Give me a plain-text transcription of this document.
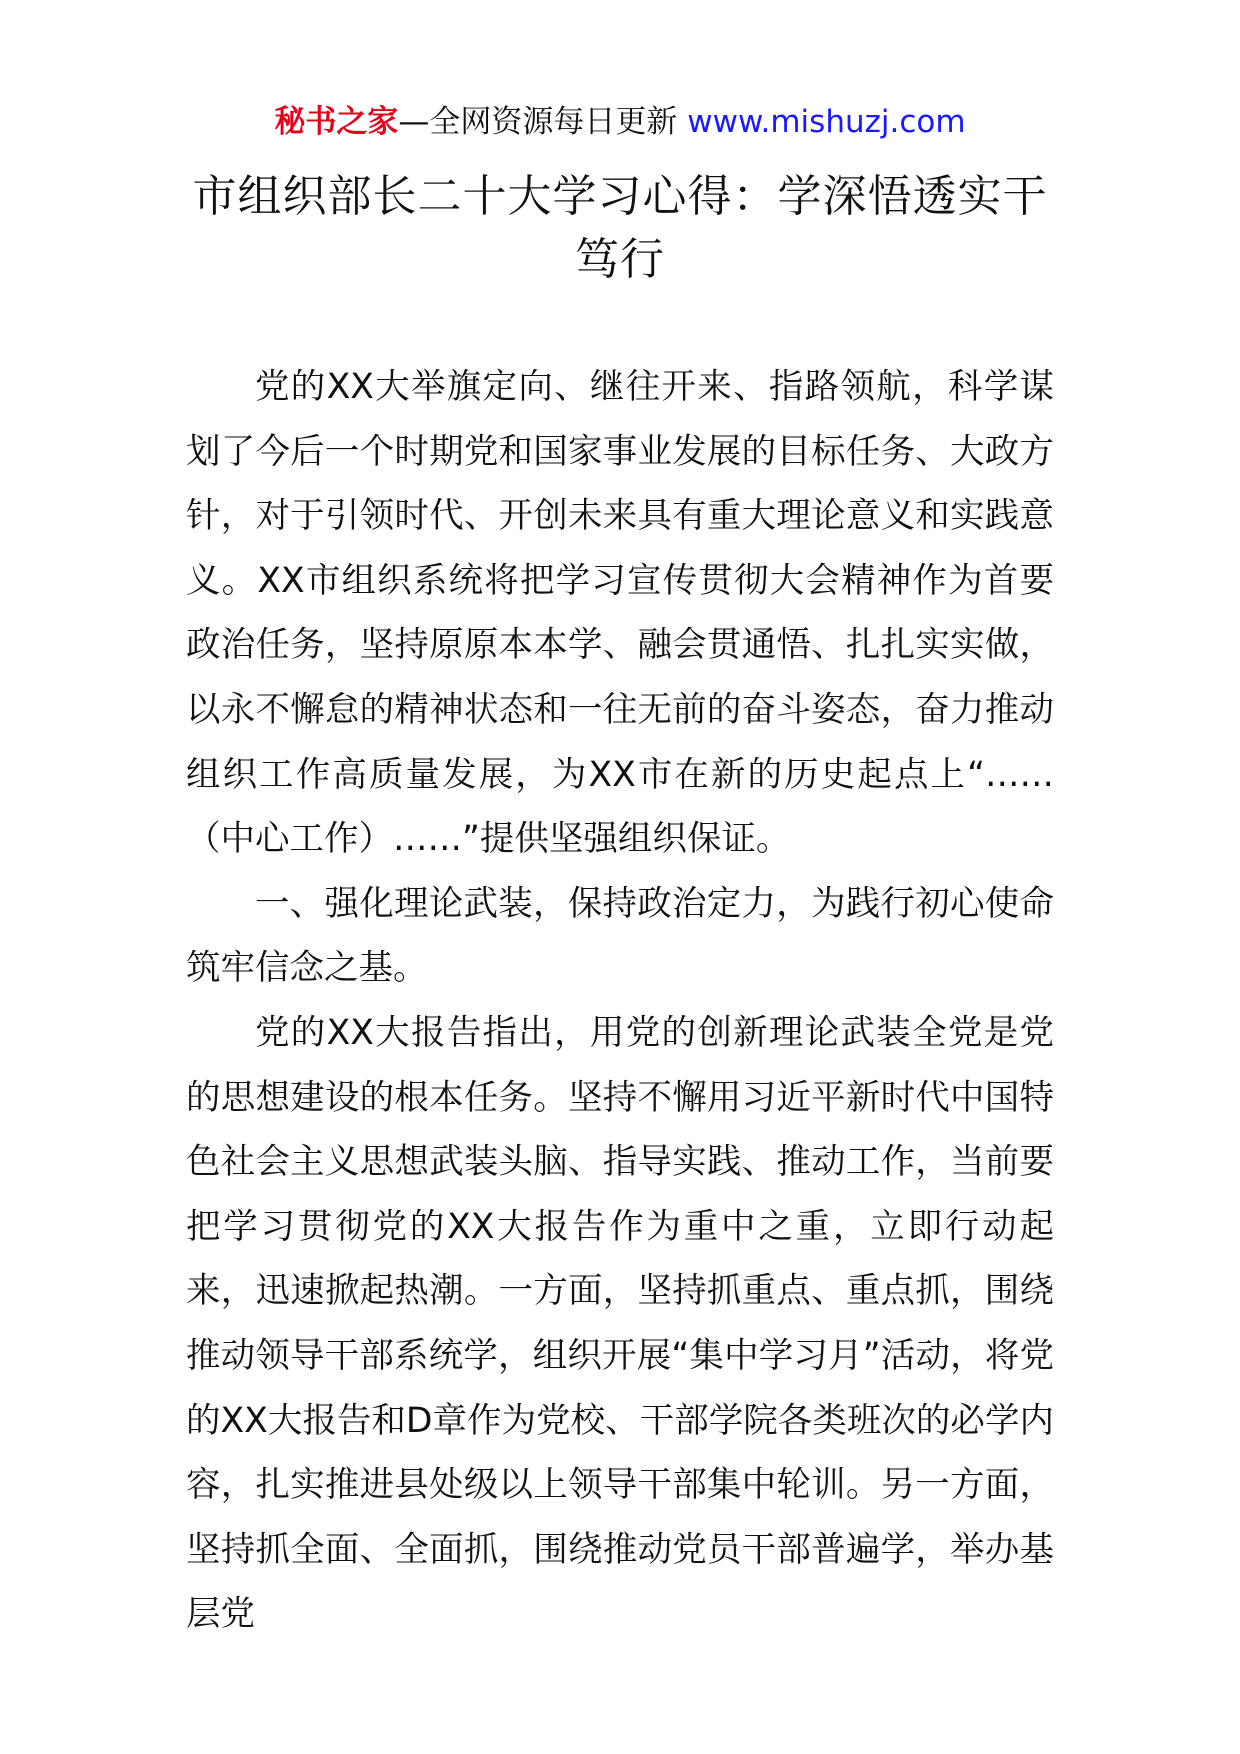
秘书之家—全网资源每日更新 www.mishuzj.com
市组织部长二十大学习心得：学深悟透实干笃行

党的XX大举旗定向、继往开来、指路领航，科学谋划了今后一个时期党和国家事业发展的目标任务、大政方针，对于引领时代、开创未来具有重大理论意义和实践意义。XX市组织系统将把学习宣传贯彻大会精神作为首要政治任务，坚持原原本本学、融会贯通悟、扎扎实实做，以永不懈怠的精神状态和一往无前的奋斗姿态，奋力推动组织工作高质量发展，为XX市在新的历史起点上“……（中心工作）……”提供坚强组织保证。

一、强化理论武装，保持政治定力，为践行初心使命筑牢信念之基。

党的XX大报告指出，用党的创新理论武装全党是党的思想建设的根本任务。坚持不懈用习近平新时代中国特色社会主义思想武装头脑、指导实践、推动工作，当前要把学习贯彻党的XX大报告作为重中之重，立即行动起来，迅速掀起热潮。一方面，坚持抓重点、重点抓，围绕推动领导干部系统学，组织开展“集中学习月”活动，将党的XX大报告和D章作为党校、干部学院各类班次的必学内容，扎实推进县处级以上领导干部集中轮训。另一方面，坚持抓全面、全面抓，围绕推动党员干部普遍学，举办基层党
